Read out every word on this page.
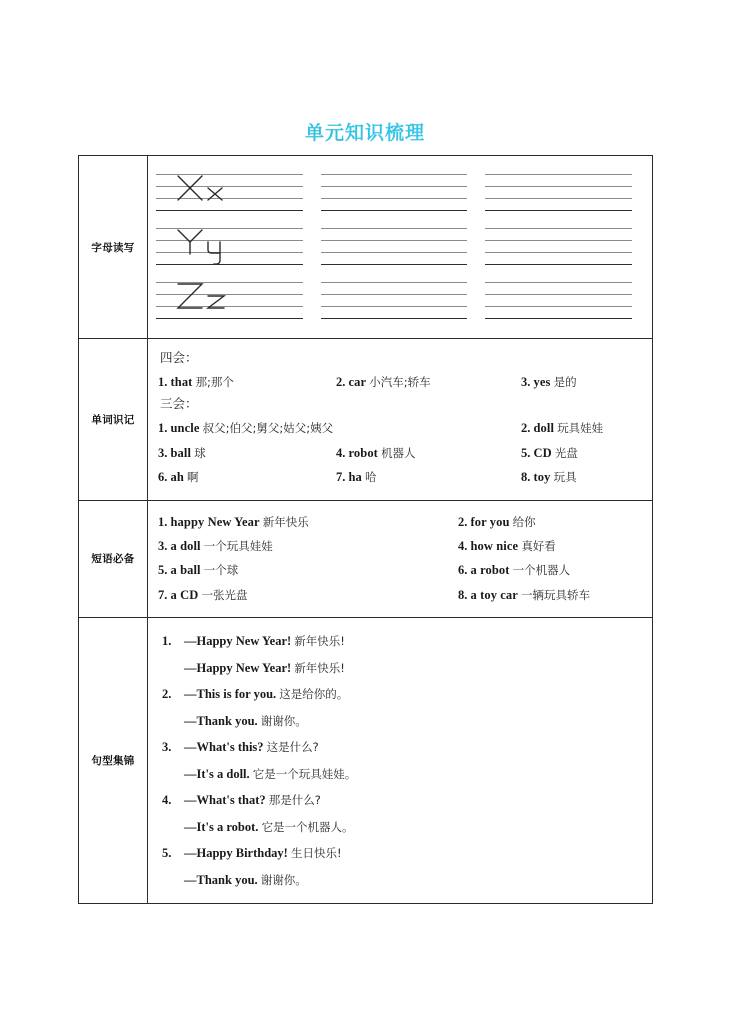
单元知识梳理
字母读写
单词识记
四会：
1. that 那;那个	2. car 小汽车;轿车	3. yes 是的
三会：
1. uncle 叔父;伯父;舅父;姑父;姨父	2. doll 玩具娃娃
3. ball 球	4. robot 机器人	5. CD 光盘
6. ah 啊	7. ha 哈	8. toy 玩具
短语必备
1. happy New Year 新年快乐	2. for you 给你
3. a doll 一个玩具娃娃	4. how nice 真好看
5. a ball 一个球	6. a robot 一个机器人
7. a CD 一张光盘	8. a toy car 一辆玩具轿车
句型集锦
1. —Happy New Year! 新年快乐!
—Happy New Year! 新年快乐!
2. —This is for you. 这是给你的。
—Thank you. 谢谢你。
3. —What's this? 这是什么?
—It's a doll. 它是一个玩具娃娃。
4. —What's that? 那是什么?
—It's a robot. 它是一个机器人。
5. —Happy Birthday! 生日快乐!
—Thank you. 谢谢你。
